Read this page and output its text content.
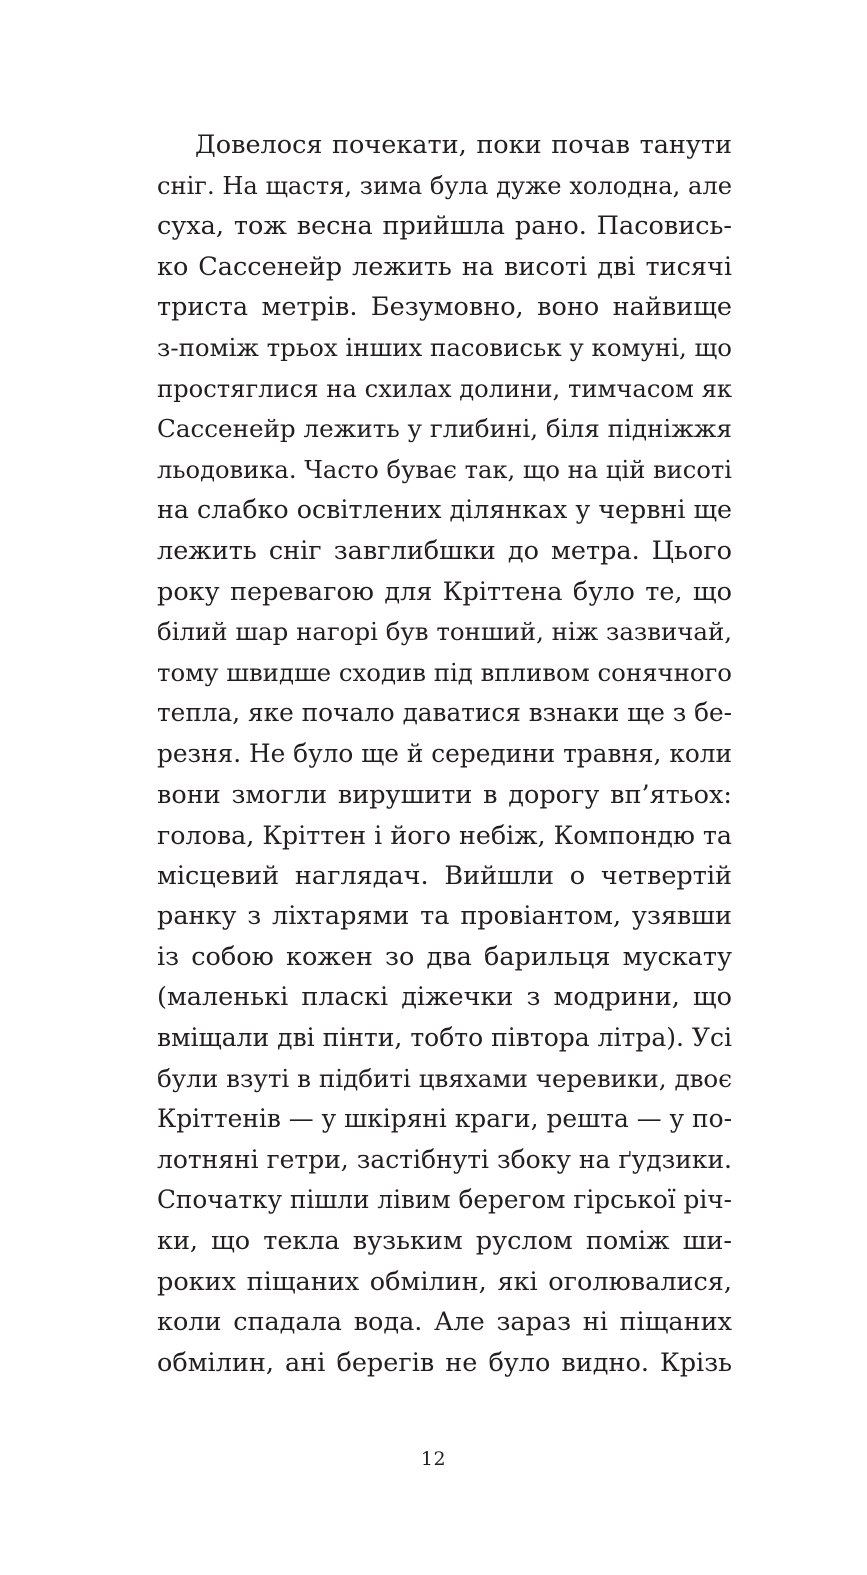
Довелося почекати, поки почав танути
сніг. На щастя, зима була дуже холодна, але
суха, тож весна прийшла рано. Пасовись-
ко Сассенейр лежить на висоті дві тисячі
триста метрів. Безумовно, воно найвище
з-поміж трьох інших пасовиськ у комуні, що
простяглися на схилах долини, тимчасом як
Сассенейр лежить у глибині, біля підніжжя
льодовика. Часто буває так, що на цій висоті
на слабко освітлених ділянках у червні ще
лежить сніг завглибшки до метра. Цього
року перевагою для Кріттена було те, що
білий шар нагорі був тонший, ніж зазвичай,
тому швидше сходив під впливом сонячного
тепла, яке почало даватися взнаки ще з бе-
резня. Не було ще й середини травня, коли
вони змогли вирушити в дорогу вп’ятьох:
голова, Кріттен і його небіж, Компондю та
місцевий наглядач. Вийшли о четвертій
ранку з ліхтарями та провіантом, узявши
із собою кожен зо два барильця мускату
(маленькі пласкі діжечки з модрини, що
вміщали дві пінти, тобто півтора літра). Усі
були взуті в підбиті цвяхами черевики, двоє
Кріттенів — у шкіряні краги, решта — у по-
лотняні гетри, застібнуті збоку на ґудзики.
Спочатку пішли лівим берегом гірської річ-
ки, що текла вузьким руслом поміж ши-
роких піщаних обмілин, які оголювалися,
коли спадала вода. Але зараз ні піщаних
обмілин, ані берегів не було видно. Крізь
12
